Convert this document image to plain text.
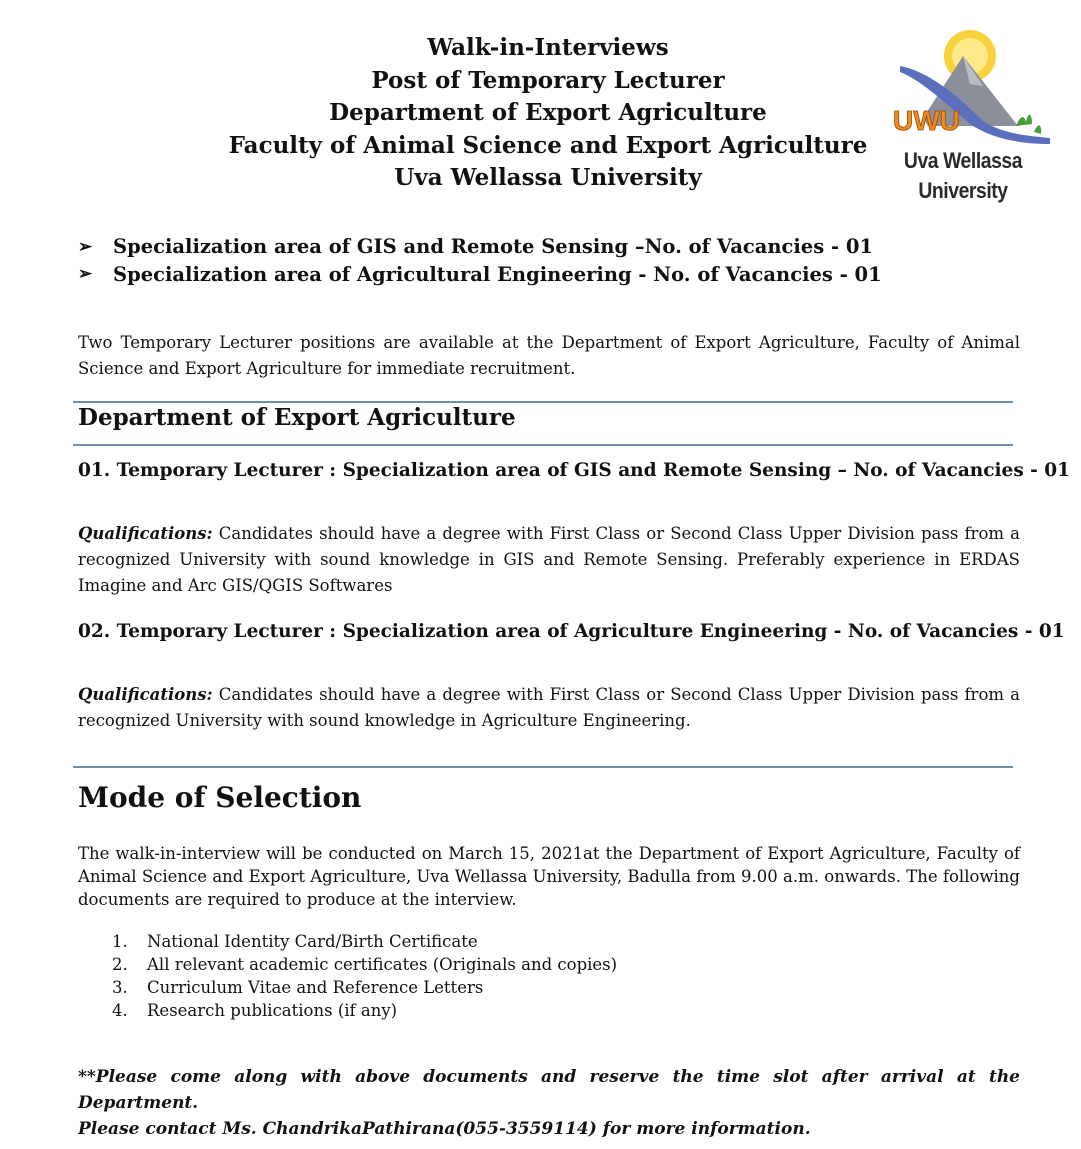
Walk-in-Interviews
Post of Temporary Lecturer
Department of Export Agriculture
Faculty of Animal Science and Export Agriculture
Uva Wellassa University
UWU
Uva Wellassa
University
➢	Specialization area of GIS and Remote Sensing –No. of Vacancies - 01
➢	Specialization area of Agricultural Engineering - No. of Vacancies - 01
Two Temporary Lecturer positions are available at the Department of Export Agriculture, Faculty of Animal Science and Export Agriculture for immediate recruitment.
Department of Export Agriculture
01. Temporary Lecturer : Specialization area of GIS and Remote Sensing – No. of Vacancies - 01
Qualifications: Candidates should have a degree with First Class or Second Class Upper Division pass from a recognized University with sound knowledge in GIS and Remote Sensing. Preferably experience in ERDAS Imagine and Arc GIS/QGIS Softwares
02. Temporary Lecturer : Specialization area of Agriculture Engineering - No. of Vacancies - 01
Qualifications: Candidates should have a degree with First Class or Second Class Upper Division pass from a recognized University with sound knowledge in Agriculture Engineering.
Mode of Selection
The walk-in-interview will be conducted on March 15, 2021at the Department of Export Agriculture, Faculty of Animal Science and Export Agriculture, Uva Wellassa University, Badulla from 9.00 a.m. onwards. The following documents are required to produce at the interview.
1.	National Identity Card/Birth Certificate
2.	All relevant academic certificates (Originals and copies)
3.	Curriculum Vitae and Reference Letters
4.	Research publications (if any)
**Please come along with above documents and reserve the time slot after arrival at the Department.
Please contact Ms. ChandrikaPathirana(055-3559114) for more information.
